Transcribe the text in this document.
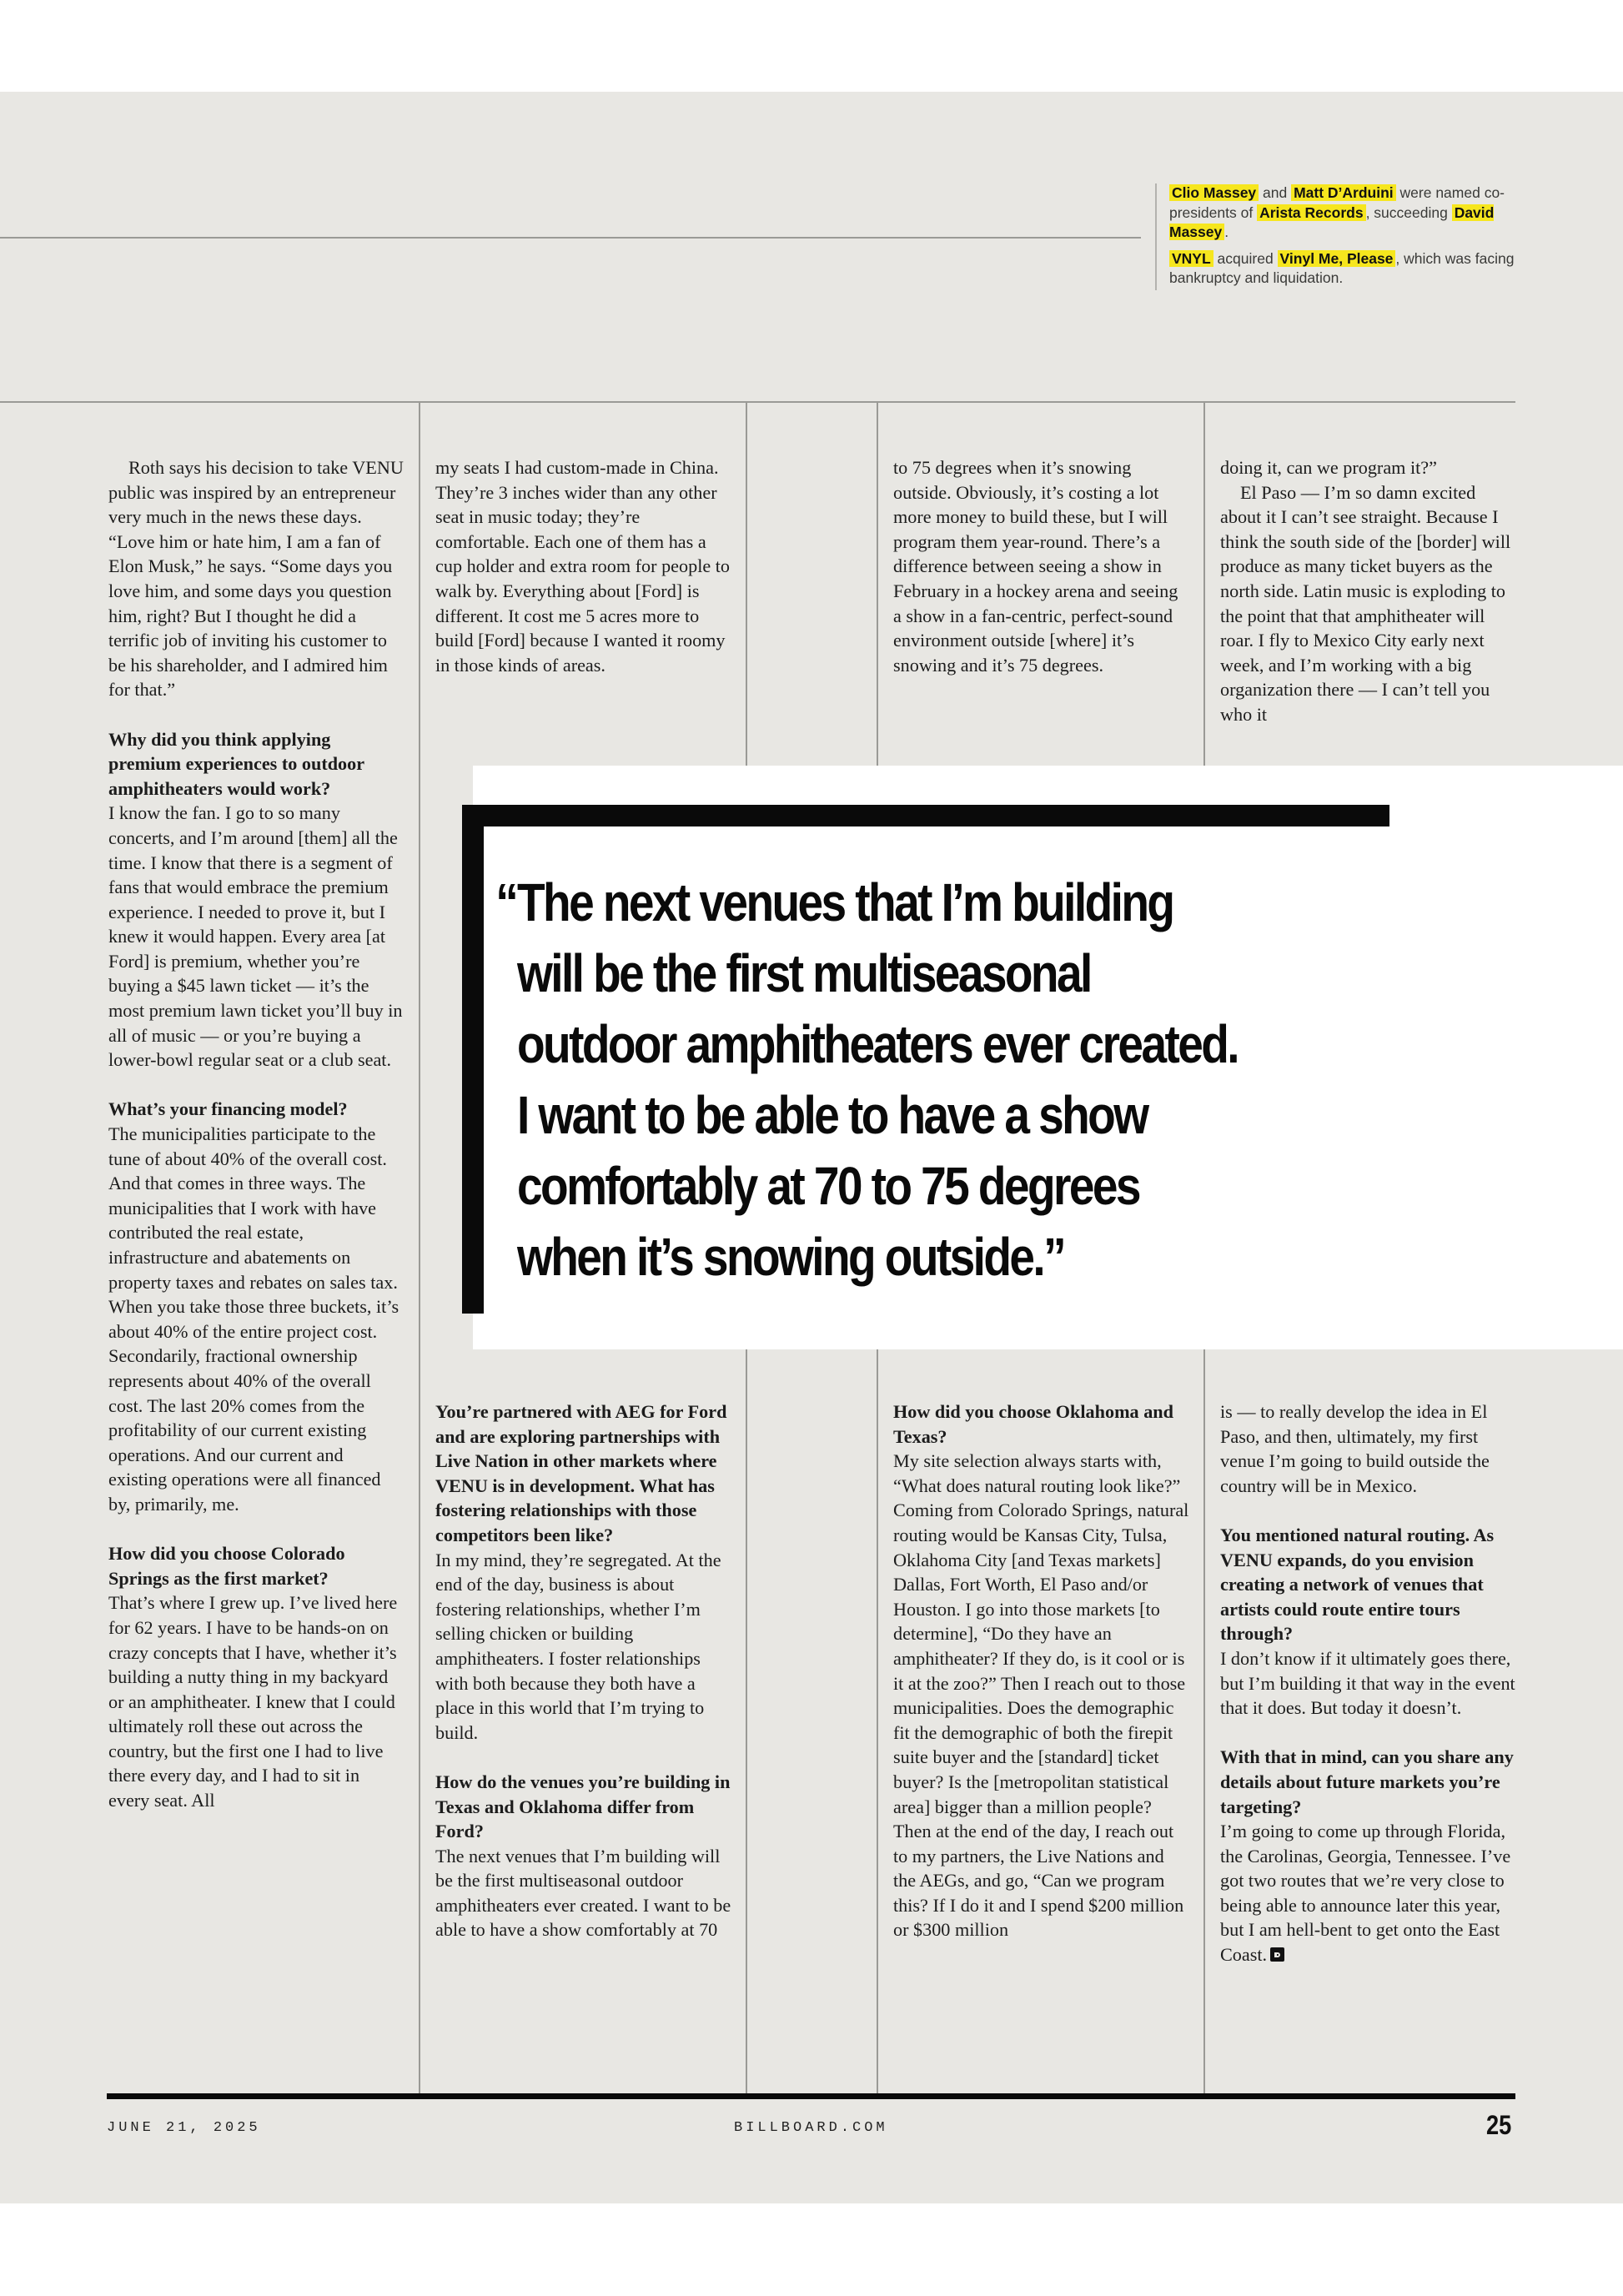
Clio Massey and Matt D’Arduini were named co-presidents of Arista Records , succeeding David Massey .

VNYL acquired Vinyl Me, Please , which was facing bankruptcy and liquidation.

Roth says his decision to take VENU public was inspired by an entrepreneur very much in the news these days. “Love him or hate him, I am a fan of Elon Musk,” he says. “Some days you love him, and some days you question him, right? But I thought he did a terrific job of inviting his customer to be his shareholder, and I admired him for that.”

Why did you think applying premium experiences to outdoor amphitheaters would work?

I know the fan. I go to so many concerts, and I’m around [them] all the time. I know that there is a segment of fans that would embrace the premium experience. I needed to prove it, but I knew it would happen. Every area [at Ford] is premium, whether you’re buying a $45 lawn ticket — it’s the most premium lawn ticket you’ll buy in all of music — or you’re buying a lower-bowl regular seat or a club seat.

What’s your financing model?

The municipalities participate to the tune of about 40% of the overall cost. And that comes in three ways. The municipalities that I work with have contributed the real estate, infrastructure and abatements on property taxes and rebates on sales tax. When you take those three buckets, it’s about 40% of the entire project cost. Secondarily, fractional ownership represents about 40% of the overall cost. The last 20% comes from the profitability of our current existing operations. And our current and existing operations were all financed by, primarily, me.

How did you choose Colorado Springs as the first market?

That’s where I grew up. I’ve lived here for 62 years. I have to be hands-on on crazy concepts that I have, whether it’s building a nutty thing in my backyard or an amphitheater. I knew that I could ultimately roll these out across the country, but the first one I had to live there every day, and I had to sit in every seat. All

my seats I had custom-made in China. They’re 3 inches wider than any other seat in music today; they’re comfortable. Each one of them has a cup holder and extra room for people to walk by. Everything about [Ford] is different. It cost me 5 acres more to build [Ford] because I wanted it roomy in those kinds of areas.

You’re partnered with AEG for Ford and are exploring partnerships with Live Nation in other markets where VENU is in development. What has fostering relationships with those competitors been like?

In my mind, they’re segregated. At the end of the day, business is about fostering relationships, whether I’m selling chicken or building amphitheaters. I foster relationships with both because they both have a place in this world that I’m trying to build.

How do the venues you’re building in Texas and Oklahoma differ from Ford?

The next venues that I’m building will be the first multiseasonal outdoor amphitheaters ever created. I want to be able to have a show comfortably at 70

to 75 degrees when it’s snowing outside. Obviously, it’s costing a lot more money to build these, but I will program them year-round. There’s a difference between seeing a show in February in a hockey arena and seeing a show in a fan-centric, perfect-sound environment outside [where] it’s snowing and it’s 75 degrees.

How did you choose Oklahoma and Texas?

My site selection always starts with, “What does natural routing look like?” Coming from Colorado Springs, natural routing would be Kansas City, Tulsa, Oklahoma City [and Texas markets] Dallas, Fort Worth, El Paso and/or Houston. I go into those markets [to determine], “Do they have an amphitheater? If they do, is it cool or is it at the zoo?” Then I reach out to those municipalities. Does the demographic fit the demographic of both the firepit suite buyer and the [standard] ticket buyer? Is the [metropolitan statistical area] bigger than a million people? Then at the end of the day, I reach out to my partners, the Live Nations and the AEGs, and go, “Can we program this? If I do it and I spend $200 million or $300 million

doing it, can we program it?”

El Paso — I’m so damn excited about it I can’t see straight. Because I think the south side of the [border] will produce as many ticket buyers as the north side. Latin music is exploding to the point that that amphitheater will roar. I fly to Mexico City early next week, and I’m working with a big organization there — I can’t tell you who it

is — to really develop the idea in El Paso, and then, ultimately, my first venue I’m going to build outside the country will be in Mexico.

You mentioned natural routing. As VENU expands, do you envision creating a network of venues that artists could route entire tours through?

I don’t know if it ultimately goes there, but I’m building it that way in the event that it does. But today it doesn’t.

With that in mind, can you share any details about future markets you’re targeting?

I’m going to come up through Florida, the Carolinas, Georgia, Tennessee. I’ve got two routes that we’re very close to being able to announce later this year, but I am hell-bent to get onto the East Coast.

“ The next venues that I’m building
will be the first multiseasonal
outdoor amphitheaters ever created.
I want to be able to have a show
comfortably at 70 to 75 degrees
when it’s snowing outside.”
JUNE 21, 2025	BILLBOARD.COM	25
